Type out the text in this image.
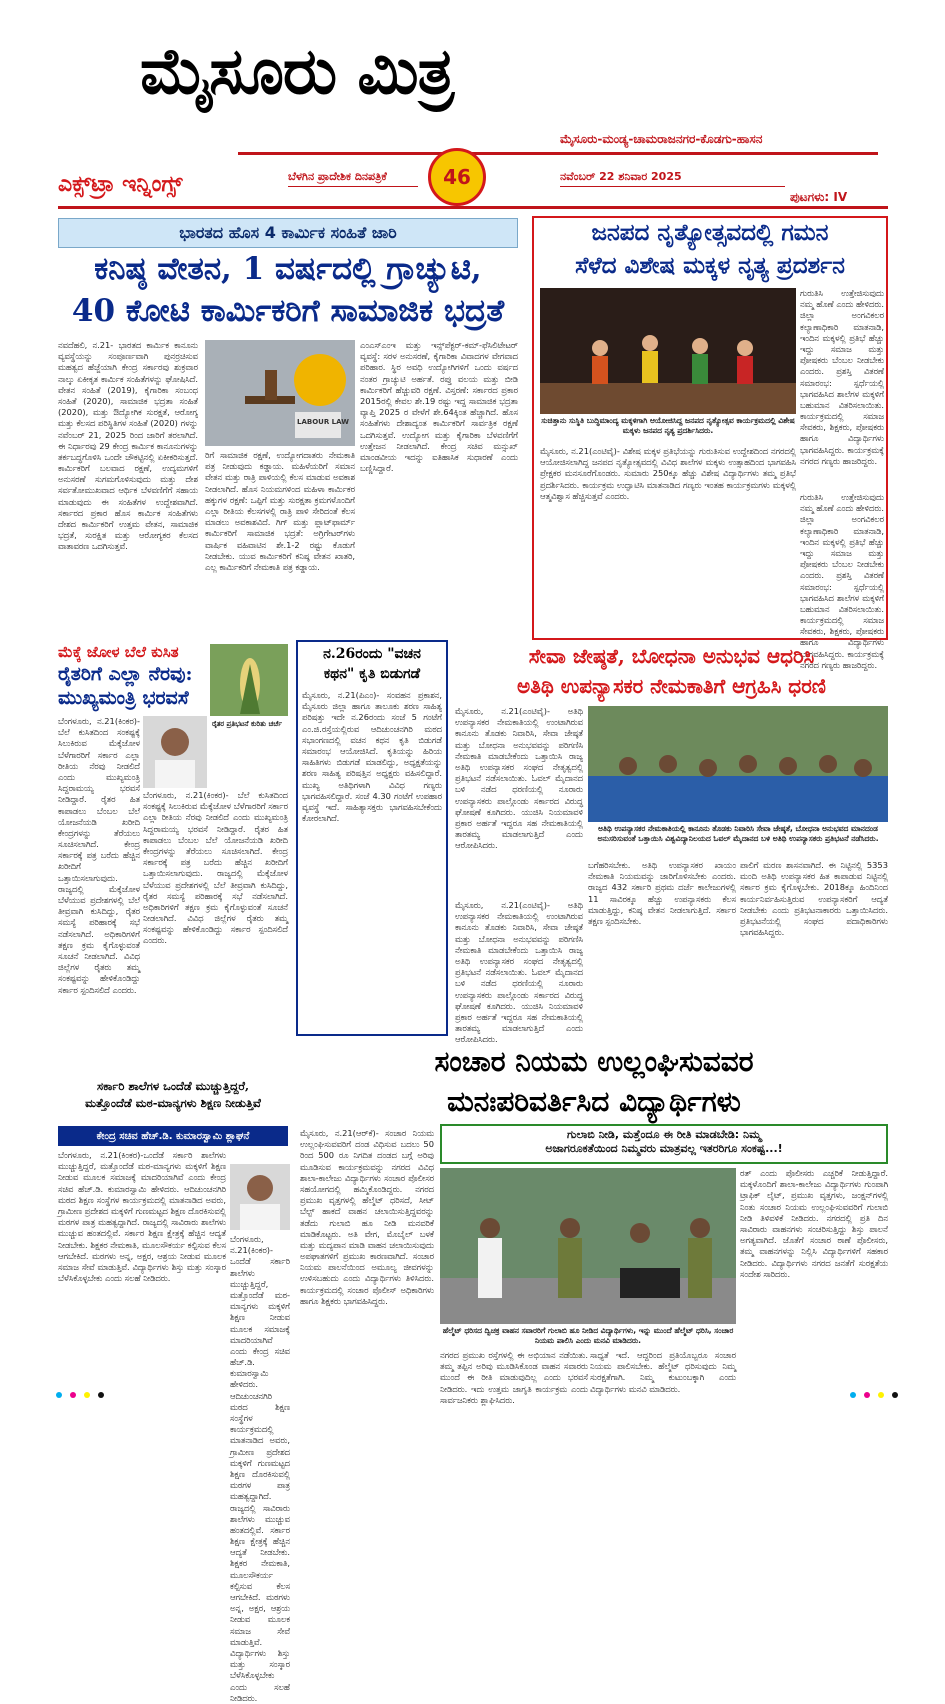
ಮೈಸೂರು ಮಿತ್ರ
ಮೈಸೂರು-ಮಂಡ್ಯ-ಚಾಮರಾಜನಗರ-ಕೊಡಗು-ಹಾಸನ
ಎಕ್ಸ್‌ಟ್ರಾ ಇನ್ನಿಂಗ್ಸ್	ಬೆಳಗಿನ ಪ್ರಾದೇಶಿಕ ದಿನಪತ್ರಿಕೆ	46	ನವೆಂಬರ್ 22 ಶನಿವಾರ 2025
ಪುಟಗಳು: IV
ಭಾರತದ ಹೊಸ 4 ಕಾರ್ಮಿಕ ಸಂಹಿತೆ ಜಾರಿ
ಕನಿಷ್ಠ ವೇತನ, 1 ವರ್ಷದಲ್ಲಿ ಗ್ರಾಚ್ಯುಟಿ,
40 ಕೋಟಿ ಕಾರ್ಮಿಕರಿಗೆ ಸಾಮಾಜಿಕ ಭದ್ರತೆ
ನವದೆಹಲಿ, ನ.21- ಭಾರತದ ಕಾರ್ಮಿಕ ಕಾನೂನು ವ್ಯವಸ್ಥೆಯನ್ನು ಸಂಪೂರ್ಣವಾಗಿ ಪುನರ್ರಚಿಸುವ ಮಹತ್ವದ ಹೆಜ್ಜೆಯಾಗಿ ಕೇಂದ್ರ ಸರ್ಕಾರವು ಶುಕ್ರವಾರ ನಾಲ್ಕು ಏಕೀಕೃತ ಕಾರ್ಮಿಕ ಸಂಹಿತೆಗಳನ್ನು ಘೋಷಿಸಿದೆ. ವೇತನ ಸಂಹಿತೆ (2019), ಕೈಗಾರಿಕಾ ಸಂಬಂಧ ಸಂಹಿತೆ (2020), ಸಾಮಾಜಿಕ ಭದ್ರತಾ ಸಂಹಿತೆ (2020), ಮತ್ತು ಔದ್ಯೋಗಿಕ ಸುರಕ್ಷತೆ, ಆರೋಗ್ಯ ಮತ್ತು ಕೆಲಸದ ಪರಿಸ್ಥಿತಿಗಳ ಸಂಹಿತೆ (2020) ಗಳನ್ನು ನವೆಂಬರ್ 21, 2025 ರಿಂದ ಜಾರಿಗೆ ತರಲಾಗಿದೆ. ಈ ನಿರ್ಧಾರವು 29 ಕೇಂದ್ರ ಕಾರ್ಮಿಕ ಕಾನೂನುಗಳನ್ನು ತರ್ಕಬದ್ಧಗೊಳಿಸಿ ಒಂದೇ ಚೌಕಟ್ಟಿನಲ್ಲಿ ಏಕೀಕರಿಸುತ್ತದೆ. ಕಾರ್ಮಿಕರಿಗೆ ಬಲವಾದ ರಕ್ಷಣೆ, ಉದ್ಯಮಗಳಿಗೆ ಅನುಸರಣೆ ಸುಗಮಗೊಳಿಸುವುದು ಮತ್ತು ದೇಶ ಸರ್ವತೋಮುಖವಾದ ಆರ್ಥಿಕ ಬೆಳವಣಿಗೆಗೆ ಸಹಾಯ ಮಾಡುವುದು ಈ ಸಂಹಿತೆಗಳ ಉದ್ದೇಶವಾಗಿದೆ. ಸರ್ಕಾರದ ಪ್ರಕಾರ ಹೊಸ ಕಾರ್ಮಿಕ ಸಂಹಿತೆಗಳು ದೇಶದ ಕಾರ್ಮಿಕರಿಗೆ ಉತ್ತಮ ವೇತನ, ಸಾಮಾಜಿಕ ಭದ್ರತೆ, ಸುರಕ್ಷಿತ ಮತ್ತು ಆರೋಗ್ಯಕರ ಕೆಲಸದ ವಾತಾವರಣ ಒದಗಿಸುತ್ತವೆ.
LABOUR LAW
ರಿಗೆ ಸಾಮಾಜಿಕ ರಕ್ಷಣೆ, ಉದ್ಯೋಗದಾತರು ನೇಮಕಾತಿ ಪತ್ರ ನೀಡುವುದು ಕಡ್ಡಾಯ. ಮಹಿಳೆಯರಿಗೆ ಸಮಾನ ವೇತನ ಮತ್ತು ರಾತ್ರಿ ಪಾಳಿಯಲ್ಲಿ ಕೆಲಸ ಮಾಡುವ ಅವಕಾಶ ನೀಡಲಾಗಿದೆ. ಹೊಸ ನಿಯಮಗಳಿಂದ ಮಹಿಳಾ ಕಾರ್ಮಿಕರ ಹಕ್ಕುಗಳ ರಕ್ಷಣೆ: ಒಪ್ಪಿಗೆ ಮತ್ತು ಸುರಕ್ಷತಾ ಕ್ರಮಗಳೊಂದಿಗೆ ಎಲ್ಲಾ ರೀತಿಯ ಕೆಲಸಗಳಲ್ಲಿ ರಾತ್ರಿ ಪಾಳಿ ಸೇರಿದಂತೆ ಕೆಲಸ ಮಾಡಲು ಅವಕಾಶವಿದೆ. ಗಿಗ್ ಮತ್ತು ಪ್ಲಾಟ್‌ಫಾರ್ಮ್ ಕಾರ್ಮಿಕರಿಗೆ ಸಾಮಾಜಿಕ ಭದ್ರತೆ: ಅಗ್ರಿಗೇಟರ್‌ಗಳು ವಾರ್ಷಿಕ ವಹಿವಾಟಿನ ಶೇ.1-2 ರಷ್ಟು ಕೊಡುಗೆ ನೀಡಬೇಕು. ಯುವ ಕಾರ್ಮಿಕರಿಗೆ ಕನಿಷ್ಠ ವೇತನ ಖಾತರಿ, ಎಲ್ಲ ಕಾರ್ಮಿಕರಿಗೆ ನೇಮಕಾತಿ ಪತ್ರ ಕಡ್ಡಾಯ.
ಎಂಎಸ್‌ಎಂಇ ಮತ್ತು ಇನ್ಸ್‌ಪೆಕ್ಟರ್-ಕಮ್-ಫೆಸಿಲಿಟೇಟರ್ ವ್ಯವಸ್ಥೆ: ಸರಳ ಅನುಸರಣೆ, ಕೈಗಾರಿಕಾ ವಿವಾದಗಳ ವೇಗವಾದ ಪರಿಹಾರ. ಸ್ಥಿರ ಅವಧಿ ಉದ್ಯೋಗಿಗಳಿಗೆ ಒಂದು ವರ್ಷದ ನಂತರ ಗ್ರಾಚ್ಯುಟಿ ಅರ್ಹತೆ. ರಪ್ತು ವಲಯ ಮತ್ತು ಬೀಡಿ ಕಾರ್ಮಿಕರಿಗೆ ಹೆಚ್ಚುವರಿ ರಕ್ಷಣೆ. ವಿಸ್ತರಣೆ: ಸರ್ಕಾರದ ಪ್ರಕಾರ 2015ರಲ್ಲಿ ಕೇವಲ ಶೇ.19 ರಷ್ಟು ಇದ್ದ ಸಾಮಾಜಿಕ ಭದ್ರತಾ ವ್ಯಾಪ್ತಿ 2025 ರ ವೇಳೆಗೆ ಶೇ.64ಕ್ಕಿಂತ ಹೆಚ್ಚಾಗಿದೆ. ಹೊಸ ಸಂಹಿತೆಗಳು ದೇಶಾದ್ಯಂತ ಕಾರ್ಮಿಕರಿಗೆ ಸಾರ್ವತ್ರಿಕ ರಕ್ಷಣೆ ಒದಗಿಸುತ್ತವೆ. ಉದ್ಯೋಗ ಮತ್ತು ಕೈಗಾರಿಕಾ ಬೆಳವಣಿಗೆಗೆ ಉತ್ತೇಜನ ನೀಡಲಾಗಿದೆ. ಕೇಂದ್ರ ಸಚಿವ ಮನ್ಸುಖ್ ಮಾಂಡವೀಯ ಇದನ್ನು ಐತಿಹಾಸಿಕ ಸುಧಾರಣೆ ಎಂದು ಬಣ್ಣಿಸಿದ್ದಾರೆ.
ಜನಪದ ನೃತ್ಯೋತ್ಸವದಲ್ಲಿ ಗಮನ
ಸೆಳೆದ ವಿಶೇಷ ಮಕ್ಕಳ ನೃತ್ಯ ಪ್ರದರ್ಶನ
ಸುಚಿತ್ತಾನು ಸುಸ್ಥಿತಿ ಬುದ್ಧಿಮಾಂದ್ಯ ಮಕ್ಕಳಿಗಾಗಿ ಆಯೋಜಿಸಿದ್ದ ಜನಪದ ನೃತ್ಯೋತ್ಸವ ಕಾರ್ಯಕ್ರಮದಲ್ಲಿ ವಿಶೇಷ ಮಕ್ಕಳು ಜನಪದ ನೃತ್ಯ ಪ್ರದರ್ಶಿಸಿದರು.
ಗುರುತಿಸಿ ಉತ್ತೇಜಿಸುವುದು ನಮ್ಮ ಹೊಣೆ ಎಂದು ಹೇಳಿದರು. ಜಿಲ್ಲಾ ಅಂಗವಿಕಲರ ಕಲ್ಯಾಣಾಧಿಕಾರಿ ಮಾತನಾಡಿ, ಇಂದಿನ ಮಕ್ಕಳಲ್ಲಿ ಪ್ರತಿಭೆ ಹೆಚ್ಚು ಇದ್ದು ಸಮಾಜ ಮತ್ತು ಪೋಷಕರು ಬೆಂಬಲ ನೀಡಬೇಕು ಎಂದರು. ಪ್ರಶಸ್ತಿ ವಿತರಣೆ ಸಮಾರಂಭ: ಸ್ಪರ್ಧೆಯಲ್ಲಿ ಭಾಗವಹಿಸಿದ ಶಾಲೆಗಳ ಮಕ್ಕಳಿಗೆ ಬಹುಮಾನ ವಿತರಿಸಲಾಯಿತು. ಕಾರ್ಯಕ್ರಮದಲ್ಲಿ ಸಮಾಜ ಸೇವಕರು, ಶಿಕ್ಷಕರು, ಪೋಷಕರು ಹಾಗೂ ವಿದ್ಯಾರ್ಥಿಗಳು ಭಾಗವಹಿಸಿದ್ದರು. ಕಾರ್ಯಕ್ರಮಕ್ಕೆ ನಗರದ ಗಣ್ಯರು ಹಾಜರಿದ್ದರು.
ಮೈಸೂರು, ನ.21(ಎಂಟಿವೈ)- ವಿಶೇಷ ಮಕ್ಕಳ ಪ್ರತಿಭೆಯನ್ನು ಗುರುತಿಸುವ ಉದ್ದೇಶದಿಂದ ನಗರದಲ್ಲಿ ಆಯೋಜಿಸಲಾಗಿದ್ದ ಜನಪದ ನೃತ್ಯೋತ್ಸವದಲ್ಲಿ ವಿವಿಧ ಶಾಲೆಗಳ ಮಕ್ಕಳು ಉತ್ಸಾಹದಿಂದ ಭಾಗವಹಿಸಿ ಪ್ರೇಕ್ಷಕರ ಮನಸೂರೆಗೊಂಡರು. ಸುಮಾರು 250ಕ್ಕೂ ಹೆಚ್ಚು ವಿಶೇಷ ವಿದ್ಯಾರ್ಥಿಗಳು ತಮ್ಮ ಪ್ರತಿಭೆ ಪ್ರದರ್ಶಿಸಿದರು. ಕಾರ್ಯಕ್ರಮ ಉದ್ಘಾಟಿಸಿ ಮಾತನಾಡಿದ ಗಣ್ಯರು ಇಂತಹ ಕಾರ್ಯಕ್ರಮಗಳು ಮಕ್ಕಳಲ್ಲಿ ಆತ್ಮವಿಶ್ವಾಸ ಹೆಚ್ಚಿಸುತ್ತವೆ ಎಂದರು.	ಗುರುತಿಸಿ ಉತ್ತೇಜಿಸುವುದು ನಮ್ಮ ಹೊಣೆ ಎಂದು ಹೇಳಿದರು. ಜಿಲ್ಲಾ ಅಂಗವಿಕಲರ ಕಲ್ಯಾಣಾಧಿಕಾರಿ ಮಾತನಾಡಿ, ಇಂದಿನ ಮಕ್ಕಳಲ್ಲಿ ಪ್ರತಿಭೆ ಹೆಚ್ಚು ಇದ್ದು ಸಮಾಜ ಮತ್ತು ಪೋಷಕರು ಬೆಂಬಲ ನೀಡಬೇಕು ಎಂದರು. ಪ್ರಶಸ್ತಿ ವಿತರಣೆ ಸಮಾರಂಭ: ಸ್ಪರ್ಧೆಯಲ್ಲಿ ಭಾಗವಹಿಸಿದ ಶಾಲೆಗಳ ಮಕ್ಕಳಿಗೆ ಬಹುಮಾನ ವಿತರಿಸಲಾಯಿತು. ಕಾರ್ಯಕ್ರಮದಲ್ಲಿ ಸಮಾಜ ಸೇವಕರು, ಶಿಕ್ಷಕರು, ಪೋಷಕರು ಹಾಗೂ ವಿದ್ಯಾರ್ಥಿಗಳು ಭಾಗವಹಿಸಿದ್ದರು. ಕಾರ್ಯಕ್ರಮಕ್ಕೆ ನಗರದ ಗಣ್ಯರು ಹಾಜರಿದ್ದರು.
ಮೆಕ್ಕೆ ಜೋಳ ಬೆಲೆ ಕುಸಿತ
ರೈತರಿಗೆ ಎಲ್ಲಾ ನೆರವು:
ಮುಖ್ಯಮಂತ್ರಿ ಭರವಸೆ
ರೈತರ ಪ್ರತಿಭಟನೆ ಕುರಿತು ಚರ್ಚೆ
ಬೆಂಗಳೂರು, ನ.21(ಕಿಂಕರ)- ಬೆಲೆ ಕುಸಿತದಿಂದ ಸಂಕಷ್ಟಕ್ಕೆ ಸಿಲುಕಿರುವ ಮೆಕ್ಕೆಜೋಳ ಬೆಳೆಗಾರರಿಗೆ ಸರ್ಕಾರ ಎಲ್ಲಾ ರೀತಿಯ ನೆರವು ನೀಡಲಿದೆ ಎಂದು ಮುಖ್ಯಮಂತ್ರಿ ಸಿದ್ದರಾಮಯ್ಯ ಭರವಸೆ ನೀಡಿದ್ದಾರೆ. ರೈತರ ಹಿತ ಕಾಪಾಡಲು ಬೆಂಬಲ ಬೆಲೆ ಯೋಜನೆಯಡಿ ಖರೀದಿ ಕೇಂದ್ರಗಳನ್ನು ತೆರೆಯಲು ಸೂಚಿಸಲಾಗಿದೆ. ಕೇಂದ್ರ ಸರ್ಕಾರಕ್ಕೆ ಪತ್ರ ಬರೆದು ಹೆಚ್ಚಿನ ಖರೀದಿಗೆ ಒತ್ತಾಯಿಸಲಾಗುವುದು. ರಾಜ್ಯದಲ್ಲಿ ಮೆಕ್ಕೆಜೋಳ ಬೆಳೆಯುವ ಪ್ರದೇಶಗಳಲ್ಲಿ ಬೆಲೆ ತೀವ್ರವಾಗಿ ಕುಸಿದಿದ್ದು, ರೈತರ ಸಮಸ್ಯೆ ಪರಿಹಾರಕ್ಕೆ ಸಭೆ ನಡೆಸಲಾಗಿದೆ. ಅಧಿಕಾರಿಗಳಿಗೆ ತಕ್ಷಣ ಕ್ರಮ ಕೈಗೊಳ್ಳುವಂತೆ ಸೂಚನೆ ನೀಡಲಾಗಿದೆ. ವಿವಿಧ ಜಿಲ್ಲೆಗಳ ರೈತರು ತಮ್ಮ ಸಂಕಷ್ಟವನ್ನು ಹೇಳಿಕೊಂಡಿದ್ದು ಸರ್ಕಾರ ಸ್ಪಂದಿಸಲಿದೆ ಎಂದರು.
ಬೆಂಗಳೂರು, ನ.21(ಕಿಂಕರ)- ಬೆಲೆ ಕುಸಿತದಿಂದ ಸಂಕಷ್ಟಕ್ಕೆ ಸಿಲುಕಿರುವ ಮೆಕ್ಕೆಜೋಳ ಬೆಳೆಗಾರರಿಗೆ ಸರ್ಕಾರ ಎಲ್ಲಾ ರೀತಿಯ ನೆರವು ನೀಡಲಿದೆ ಎಂದು ಮುಖ್ಯಮಂತ್ರಿ ಸಿದ್ದರಾಮಯ್ಯ ಭರವಸೆ ನೀಡಿದ್ದಾರೆ. ರೈತರ ಹಿತ ಕಾಪಾಡಲು ಬೆಂಬಲ ಬೆಲೆ ಯೋಜನೆಯಡಿ ಖರೀದಿ ಕೇಂದ್ರಗಳನ್ನು ತೆರೆಯಲು ಸೂಚಿಸಲಾಗಿದೆ. ಕೇಂದ್ರ ಸರ್ಕಾರಕ್ಕೆ ಪತ್ರ ಬರೆದು ಹೆಚ್ಚಿನ ಖರೀದಿಗೆ ಒತ್ತಾಯಿಸಲಾಗುವುದು. ರಾಜ್ಯದಲ್ಲಿ ಮೆಕ್ಕೆಜೋಳ ಬೆಳೆಯುವ ಪ್ರದೇಶಗಳಲ್ಲಿ ಬೆಲೆ ತೀವ್ರವಾಗಿ ಕುಸಿದಿದ್ದು, ರೈತರ ಸಮಸ್ಯೆ ಪರಿಹಾರಕ್ಕೆ ಸಭೆ ನಡೆಸಲಾಗಿದೆ. ಅಧಿಕಾರಿಗಳಿಗೆ ತಕ್ಷಣ ಕ್ರಮ ಕೈಗೊಳ್ಳುವಂತೆ ಸೂಚನೆ ನೀಡಲಾಗಿದೆ. ವಿವಿಧ ಜಿಲ್ಲೆಗಳ ರೈತರು ತಮ್ಮ ಸಂಕಷ್ಟವನ್ನು ಹೇಳಿಕೊಂಡಿದ್ದು ಸರ್ಕಾರ ಸ್ಪಂದಿಸಲಿದೆ ಎಂದರು.
ನ.26ರಂದು "ವಚನ
ಕಥನ" ಕೃತಿ ಬಿಡುಗಡೆ
ಮೈಸೂರು, ನ.21(ಪಿಎಂ)- ಸಂವಹನ ಪ್ರಕಾಶನ, ಮೈಸೂರು ಜಿಲ್ಲಾ ಹಾಗೂ ತಾಲೂಕು ಶರಣ ಸಾಹಿತ್ಯ ಪರಿಷತ್ತು ಇದೇ ನ.26ರಂದು ಸಂಜೆ 5 ಗಂಟೆಗೆ ಎಂ.ಜಿ.ರಸ್ತೆಯಲ್ಲಿರುವ ಆದಿಚುಂಚನಗಿರಿ ಮಠದ ಸಭಾಂಗಣದಲ್ಲಿ ವಚನ ಕಥನ ಕೃತಿ ಬಿಡುಗಡೆ ಸಮಾರಂಭ ಆಯೋಜಿಸಿದೆ. ಕೃತಿಯನ್ನು ಹಿರಿಯ ಸಾಹಿತಿಗಳು ಬಿಡುಗಡೆ ಮಾಡಲಿದ್ದು, ಅಧ್ಯಕ್ಷತೆಯನ್ನು ಶರಣ ಸಾಹಿತ್ಯ ಪರಿಷತ್ತಿನ ಅಧ್ಯಕ್ಷರು ವಹಿಸಲಿದ್ದಾರೆ. ಮುಖ್ಯ ಅತಿಥಿಗಳಾಗಿ ವಿವಿಧ ಗಣ್ಯರು ಭಾಗವಹಿಸಲಿದ್ದಾರೆ. ಸಂಜೆ 4.30 ಗಂಟೆಗೆ ಉಪಹಾರ ವ್ಯವಸ್ಥೆ ಇದೆ. ಸಾಹಿತ್ಯಾಸಕ್ತರು ಭಾಗವಹಿಸಬೇಕೆಂದು ಕೋರಲಾಗಿದೆ.
ಸೇವಾ ಜೇಷ್ಠತೆ, ಬೋಧನಾ ಅನುಭವ ಆಧರಿಸಿ
ಅತಿಥಿ ಉಪನ್ಯಾಸಕರ ನೇಮಕಾತಿಗೆ ಆಗ್ರಹಿಸಿ ಧರಣಿ
ಮೈಸೂರು, ನ.21(ಎಂಟಿವೈ)- ಅತಿಥಿ ಉಪನ್ಯಾಸಕರ ನೇಮಕಾತಿಯಲ್ಲಿ ಉಂಟಾಗಿರುವ ಕಾನೂನು ತೊಡಕು ನಿವಾರಿಸಿ, ಸೇವಾ ಜೇಷ್ಠತೆ ಮತ್ತು ಬೋಧನಾ ಅನುಭವವನ್ನು ಪರಿಗಣಿಸಿ ನೇಮಕಾತಿ ಮಾಡಬೇಕೆಂದು ಒತ್ತಾಯಿಸಿ ರಾಜ್ಯ ಅತಿಥಿ ಉಪನ್ಯಾಸಕರ ಸಂಘದ ನೇತೃತ್ವದಲ್ಲಿ ಪ್ರತಿಭಟನೆ ನಡೆಸಲಾಯಿತು. ಓವಲ್ ಮೈದಾನದ ಬಳಿ ನಡೆದ ಧರಣಿಯಲ್ಲಿ ನೂರಾರು ಉಪನ್ಯಾಸಕರು ಪಾಲ್ಗೊಂಡು ಸರ್ಕಾರದ ವಿರುದ್ಧ ಘೋಷಣೆ ಕೂಗಿದರು. ಯುಜಿಸಿ ನಿಯಮಾವಳಿ ಪ್ರಕಾರ ಅರ್ಹತೆ ಇದ್ದರೂ ಸಹ ನೇಮಕಾತಿಯಲ್ಲಿ ತಾರತಮ್ಯ ಮಾಡಲಾಗುತ್ತಿದೆ ಎಂದು ಆರೋಪಿಸಿದರು.
ಅತಿಥಿ ಉಪನ್ಯಾಸಕರ ನೇಮಕಾತಿಯಲ್ಲಿ ಕಾನೂನು ತೊಡಕು ನಿವಾರಿಸಿ ಸೇವಾ ಜೇಷ್ಠತೆ, ಬೋಧನಾ ಅನುಭವದ ಮಾನದಂಡ ಅನುಸರಿಸುವಂತೆ ಒತ್ತಾಯಿಸಿ ವಿಶ್ವವಿದ್ಯಾನಿಲಯದ ಓವಲ್ ಮೈದಾನದ ಬಳಿ ಅತಿಥಿ ಉಪನ್ಯಾಸಕರು ಪ್ರತಿಭಟನೆ ನಡೆಸಿದರು.
ಬಗೆಹರಿಸಬೇಕು. ಅತಿಥಿ ಉಪನ್ಯಾಸಕರ ಖಾಯಂ ನೇಮಕಾತಿ ನಿಯಮವನ್ನು ಜಾರಿಗೊಳಿಸಬೇಕು ಎಂದರು. ರಾಜ್ಯದ 432 ಸರ್ಕಾರಿ ಪ್ರಥಮ ದರ್ಜೆ ಕಾಲೇಜುಗಳಲ್ಲಿ 11 ಸಾವಿರಕ್ಕೂ ಹೆಚ್ಚು ಉಪನ್ಯಾಸಕರು ಕೆಲಸ ಮಾಡುತ್ತಿದ್ದು, ಕನಿಷ್ಠ ವೇತನ ನೀಡಲಾಗುತ್ತಿದೆ. ಸರ್ಕಾರ ತಕ್ಷಣ ಸ್ಪಂದಿಸಬೇಕು.
ಪಾಲಿಗೆ ಮರಣ ಶಾಸನವಾಗಿದೆ. ಈ ನಿಟ್ಟಿನಲ್ಲಿ 5353 ಮಂದಿ ಅತಿಥಿ ಉಪನ್ಯಾಸಕರ ಹಿತ ಕಾಪಾಡುವ ನಿಟ್ಟಿನಲ್ಲಿ ಸರ್ಕಾರ ಕ್ರಮ ಕೈಗೊಳ್ಳಬೇಕು. 2018ಕ್ಕೂ ಹಿಂದಿನಿಂದ ಕಾರ್ಯನಿರ್ವಹಿಸುತ್ತಿರುವ ಉಪನ್ಯಾಸಕರಿಗೆ ಆದ್ಯತೆ ನೀಡಬೇಕು ಎಂದು ಪ್ರತಿಭಟನಾಕಾರರು ಒತ್ತಾಯಿಸಿದರು. ಪ್ರತಿಭಟನೆಯಲ್ಲಿ ಸಂಘದ ಪದಾಧಿಕಾರಿಗಳು ಭಾಗವಹಿಸಿದ್ದರು.
ಮೈಸೂರು, ನ.21(ಎಂಟಿವೈ)- ಅತಿಥಿ ಉಪನ್ಯಾಸಕರ ನೇಮಕಾತಿಯಲ್ಲಿ ಉಂಟಾಗಿರುವ ಕಾನೂನು ತೊಡಕು ನಿವಾರಿಸಿ, ಸೇವಾ ಜೇಷ್ಠತೆ ಮತ್ತು ಬೋಧನಾ ಅನುಭವವನ್ನು ಪರಿಗಣಿಸಿ ನೇಮಕಾತಿ ಮಾಡಬೇಕೆಂದು ಒತ್ತಾಯಿಸಿ ರಾಜ್ಯ ಅತಿಥಿ ಉಪನ್ಯಾಸಕರ ಸಂಘದ ನೇತೃತ್ವದಲ್ಲಿ ಪ್ರತಿಭಟನೆ ನಡೆಸಲಾಯಿತು. ಓವಲ್ ಮೈದಾನದ ಬಳಿ ನಡೆದ ಧರಣಿಯಲ್ಲಿ ನೂರಾರು ಉಪನ್ಯಾಸಕರು ಪಾಲ್ಗೊಂಡು ಸರ್ಕಾರದ ವಿರುದ್ಧ ಘೋಷಣೆ ಕೂಗಿದರು. ಯುಜಿಸಿ ನಿಯಮಾವಳಿ ಪ್ರಕಾರ ಅರ್ಹತೆ ಇದ್ದರೂ ಸಹ ನೇಮಕಾತಿಯಲ್ಲಿ ತಾರತಮ್ಯ ಮಾಡಲಾಗುತ್ತಿದೆ ಎಂದು ಆರೋಪಿಸಿದರು.
ಸರ್ಕಾರಿ ಶಾಲೆಗಳ ಒಂದೆಡೆ ಮುಚ್ಚುತ್ತಿದ್ದರೆ,
ಮತ್ತೊಂದೆಡೆ ಮಠ-ಮಾನ್ಯಗಳು ಶಿಕ್ಷಣ ನೀಡುತ್ತಿವೆ
ಕೇಂದ್ರ ಸಚಿವ ಹೆಚ್.ಡಿ. ಕುಮಾರಸ್ವಾಮಿ ಶ್ಲಾಘನೆ
ಬೆಂಗಳೂರು, ನ.21(ಕಿಂಕರ)-ಒಂದೆಡೆ ಸರ್ಕಾರಿ ಶಾಲೆಗಳು ಮುಚ್ಚುತ್ತಿದ್ದರೆ, ಮತ್ತೊಂದೆಡೆ ಮಠ-ಮಾನ್ಯಗಳು ಮಕ್ಕಳಿಗೆ ಶಿಕ್ಷಣ ನೀಡುವ ಮೂಲಕ ಸಮಾಜಕ್ಕೆ ಮಾದರಿಯಾಗಿವೆ ಎಂದು ಕೇಂದ್ರ ಸಚಿವ ಹೆಚ್.ಡಿ. ಕುಮಾರಸ್ವಾಮಿ ಹೇಳಿದರು. ಆದಿಚುಂಚನಗಿರಿ ಮಠದ ಶಿಕ್ಷಣ ಸಂಸ್ಥೆಗಳ ಕಾರ್ಯಕ್ರಮದಲ್ಲಿ ಮಾತನಾಡಿದ ಅವರು, ಗ್ರಾಮೀಣ ಪ್ರದೇಶದ ಮಕ್ಕಳಿಗೆ ಗುಣಮಟ್ಟದ ಶಿಕ್ಷಣ ದೊರಕಿಸುವಲ್ಲಿ ಮಠಗಳ ಪಾತ್ರ ಮಹತ್ವದ್ದಾಗಿದೆ. ರಾಜ್ಯದಲ್ಲಿ ಸಾವಿರಾರು ಶಾಲೆಗಳು ಮುಚ್ಚುವ ಹಂತದಲ್ಲಿವೆ. ಸರ್ಕಾರ ಶಿಕ್ಷಣ ಕ್ಷೇತ್ರಕ್ಕೆ ಹೆಚ್ಚಿನ ಆದ್ಯತೆ ನೀಡಬೇಕು. ಶಿಕ್ಷಕರ ನೇಮಕಾತಿ, ಮೂಲಸೌಕರ್ಯ ಕಲ್ಪಿಸುವ ಕೆಲಸ ಆಗಬೇಕಿದೆ. ಮಠಗಳು ಅನ್ನ, ಅಕ್ಷರ, ಆಶ್ರಯ ನೀಡುವ ಮೂಲಕ ಸಮಾಜ ಸೇವೆ ಮಾಡುತ್ತಿವೆ. ವಿದ್ಯಾರ್ಥಿಗಳು ಶಿಸ್ತು ಮತ್ತು ಸಂಸ್ಕಾರ ಬೆಳೆಸಿಕೊಳ್ಳಬೇಕು ಎಂದು ಸಲಹೆ ನೀಡಿದರು.
ಬೆಂಗಳೂರು, ನ.21(ಕಿಂಕರ)-ಒಂದೆಡೆ ಸರ್ಕಾರಿ ಶಾಲೆಗಳು ಮುಚ್ಚುತ್ತಿದ್ದರೆ, ಮತ್ತೊಂದೆಡೆ ಮಠ-ಮಾನ್ಯಗಳು ಮಕ್ಕಳಿಗೆ ಶಿಕ್ಷಣ ನೀಡುವ ಮೂಲಕ ಸಮಾಜಕ್ಕೆ ಮಾದರಿಯಾಗಿವೆ ಎಂದು ಕೇಂದ್ರ ಸಚಿವ ಹೆಚ್.ಡಿ. ಕುಮಾರಸ್ವಾಮಿ ಹೇಳಿದರು. ಆದಿಚುಂಚನಗಿರಿ ಮಠದ ಶಿಕ್ಷಣ ಸಂಸ್ಥೆಗಳ ಕಾರ್ಯಕ್ರಮದಲ್ಲಿ ಮಾತನಾಡಿದ ಅವರು, ಗ್ರಾಮೀಣ ಪ್ರದೇಶದ ಮಕ್ಕಳಿಗೆ ಗುಣಮಟ್ಟದ ಶಿಕ್ಷಣ ದೊರಕಿಸುವಲ್ಲಿ ಮಠಗಳ ಪಾತ್ರ ಮಹತ್ವದ್ದಾಗಿದೆ. ರಾಜ್ಯದಲ್ಲಿ ಸಾವಿರಾರು ಶಾಲೆಗಳು ಮುಚ್ಚುವ ಹಂತದಲ್ಲಿವೆ. ಸರ್ಕಾರ ಶಿಕ್ಷಣ ಕ್ಷೇತ್ರಕ್ಕೆ ಹೆಚ್ಚಿನ ಆದ್ಯತೆ ನೀಡಬೇಕು. ಶಿಕ್ಷಕರ ನೇಮಕಾತಿ, ಮೂಲಸೌಕರ್ಯ ಕಲ್ಪಿಸುವ ಕೆಲಸ ಆಗಬೇಕಿದೆ. ಮಠಗಳು ಅನ್ನ, ಅಕ್ಷರ, ಆಶ್ರಯ ನೀಡುವ ಮೂಲಕ ಸಮಾಜ ಸೇವೆ ಮಾಡುತ್ತಿವೆ. ವಿದ್ಯಾರ್ಥಿಗಳು ಶಿಸ್ತು ಮತ್ತು ಸಂಸ್ಕಾರ ಬೆಳೆಸಿಕೊಳ್ಳಬೇಕು ಎಂದು ಸಲಹೆ ನೀಡಿದರು.
ಸಂಚಾರ ನಿಯಮ ಉಲ್ಲಂಘಿಸುವವರ
ಮನಃಪರಿವರ್ತಿಸಿದ ವಿದ್ಯಾರ್ಥಿಗಳು
ಮೈಸೂರು, ನ.21(ಆರ್‌ಕೆ)- ಸಂಚಾರ ನಿಯಮ ಉಲ್ಲಂಘಿಸುವವರಿಗೆ ದಂಡ ವಿಧಿಸುವ ಬದಲು 50 ರಿಂದ 500 ರೂ ನಿಗದಿತ ದಂಡದ ಬಗ್ಗೆ ಅರಿವು ಮೂಡಿಸುವ ಕಾರ್ಯಕ್ರಮವನ್ನು ನಗರದ ವಿವಿಧ ಶಾಲಾ-ಕಾಲೇಜು ವಿದ್ಯಾರ್ಥಿಗಳು ಸಂಚಾರ ಪೊಲೀಸರ ಸಹಯೋಗದಲ್ಲಿ ಹಮ್ಮಿಕೊಂಡಿದ್ದರು. ನಗರದ ಪ್ರಮುಖ ವೃತ್ತಗಳಲ್ಲಿ ಹೆಲ್ಮೆಟ್ ಧರಿಸದೆ, ಸೀಟ್ ಬೆಲ್ಟ್ ಹಾಕದೆ ವಾಹನ ಚಲಾಯಿಸುತ್ತಿದ್ದವರನ್ನು ತಡೆದು ಗುಲಾಬಿ ಹೂ ನೀಡಿ ಮನವರಿಕೆ ಮಾಡಿಕೊಟ್ಟರು. ಅತಿ ವೇಗ, ಮೊಬೈಲ್ ಬಳಕೆ ಮತ್ತು ಮದ್ಯಪಾನ ಮಾಡಿ ವಾಹನ ಚಲಾಯಿಸುವುದು ಅಪಘಾತಗಳಿಗೆ ಪ್ರಮುಖ ಕಾರಣವಾಗಿದೆ. ಸಂಚಾರ ನಿಯಮ ಪಾಲನೆಯಿಂದ ಅಮೂಲ್ಯ ಜೀವಗಳನ್ನು ಉಳಿಸಬಹುದು ಎಂದು ವಿದ್ಯಾರ್ಥಿಗಳು ತಿಳಿಸಿದರು. ಕಾರ್ಯಕ್ರಮದಲ್ಲಿ ಸಂಚಾರ ಪೊಲೀಸ್ ಅಧಿಕಾರಿಗಳು ಹಾಗೂ ಶಿಕ್ಷಕರು ಭಾಗವಹಿಸಿದ್ದರು.
ಗುಲಾಬಿ ನೀಡಿ, ಮತ್ತೆಂದೂ ಈ ರೀತಿ ಮಾಡಬೇಡಿ: ನಿಮ್ಮ
ಅಜಾಗರೂಕತೆಯಿಂದ ನಿಮ್ಮವರು ಮಾತ್ರವಲ್ಲ ಇತರರಿಗೂ ಸಂಕಷ್ಟ...!
ಹೆಲ್ಮೆಟ್ ಧರಿಸದ ದ್ವಿಚಕ್ರ ವಾಹನ ಸವಾರರಿಗೆ ಗುಲಾಬಿ ಹೂ ನೀಡಿದ ವಿದ್ಯಾರ್ಥಿಗಳು, ಇನ್ನು ಮುಂದೆ ಹೆಲ್ಮೆಟ್ ಧರಿಸಿ, ಸಂಚಾರ ನಿಯಮ ಪಾಲಿಸಿ ಎಂದು ಮನವಿ ಮಾಡಿದರು.
ರತ್ ಎಂದು ಪೊಲೀಸರು ಎಚ್ಚರಿಕೆ ನೀಡುತ್ತಿದ್ದಾರೆ. ಮಕ್ಕಳೊಂದಿಗೆ ಶಾಲಾ-ಕಾಲೇಜು ವಿದ್ಯಾರ್ಥಿಗಳು ಗುಂಪಾಗಿ ಟ್ರಾಫಿಕ್ ಲೈಟ್, ಪ್ರಮುಖ ವೃತ್ತಗಳು, ಜಂಕ್ಷನ್‌ಗಳಲ್ಲಿ ನಿಂತು ಸಂಚಾರ ನಿಯಮ ಉಲ್ಲಂಘಿಸುವವರಿಗೆ ಗುಲಾಬಿ ನೀಡಿ ತಿಳಿವಳಿಕೆ ನೀಡಿದರು. ನಗರದಲ್ಲಿ ಪ್ರತಿ ದಿನ ಸಾವಿರಾರು ವಾಹನಗಳು ಸಂಚರಿಸುತ್ತಿದ್ದು ಶಿಸ್ತು ಪಾಲನೆ ಅಗತ್ಯವಾಗಿದೆ. ಜೊತೆಗೆ ಸಂಚಾರ ಠಾಣೆ ಪೊಲೀಸರು, ತಮ್ಮ ವಾಹನಗಳನ್ನು ನಿಲ್ಲಿಸಿ ವಿದ್ಯಾರ್ಥಿಗಳಿಗೆ ಸಹಕಾರ ನೀಡಿದರು. ವಿದ್ಯಾರ್ಥಿಗಳು ನಗರದ ಜನತೆಗೆ ಸುರಕ್ಷತೆಯ ಸಂದೇಶ ಸಾರಿದರು.
ನಗರದ ಪ್ರಮುಖ ರಸ್ತೆಗಳಲ್ಲಿ ಈ ಅಭಿಯಾನ ನಡೆಯಿತು. ತಮ್ಮ ತಪ್ಪಿನ ಅರಿವು ಮೂಡಿಸಿಕೊಂಡ ವಾಹನ ಸವಾರರು ಮುಂದೆ ಈ ರೀತಿ ಮಾಡುವುದಿಲ್ಲ ಎಂದು ಭರವಸೆ ನೀಡಿದರು. ಇದು ಉತ್ತಮ ಜಾಗೃತಿ ಕಾರ್ಯಕ್ರಮ ಎಂದು ಸಾರ್ವಜನಿಕರು ಶ್ಲಾಘಿಸಿದರು.
ಸಾಧ್ಯತೆ ಇದೆ. ಆದ್ದರಿಂದ ಪ್ರತಿಯೊಬ್ಬರೂ ಸಂಚಾರ ನಿಯಮ ಪಾಲಿಸಬೇಕು. ಹೆಲ್ಮೆಟ್ ಧರಿಸುವುದು ನಿಮ್ಮ ಸುರಕ್ಷತೆಗಾಗಿ. ನಿಮ್ಮ ಕುಟುಂಬಕ್ಕಾಗಿ ಎಂದು ವಿದ್ಯಾರ್ಥಿಗಳು ಮನವಿ ಮಾಡಿದರು.
